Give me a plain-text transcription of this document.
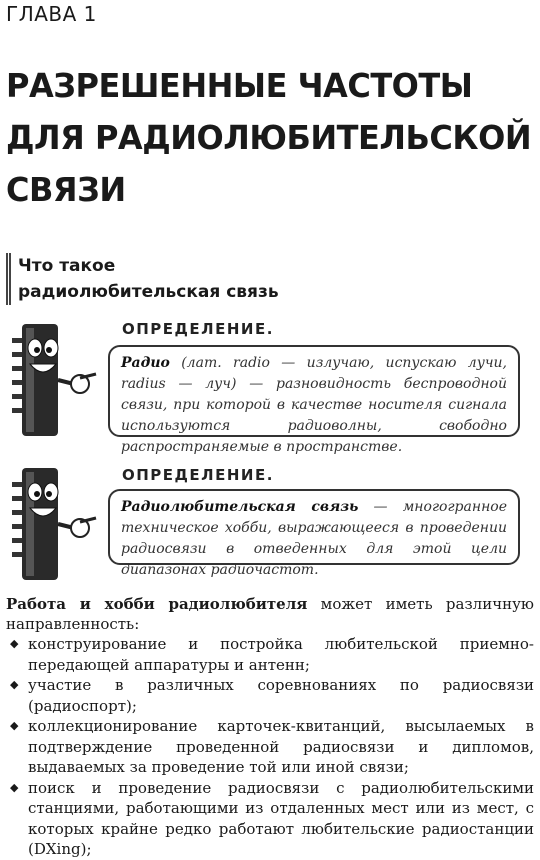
ГЛАВА 1
РАЗРЕШЕННЫЕ ЧАСТОТЫ
ДЛЯ РАДИОЛЮБИТЕЛЬСКОЙ
СВЯЗИ
Что такое
радиолюбительская связь
ОПРЕДЕЛЕНИЕ.
Радио (лат. radio — излучаю, испускаю лучи, radius — луч) — разновидность беспроводной связи, при которой в качестве носителя сигнала используются радиоволны, свободно распространяемые в пространстве.
ОПРЕДЕЛЕНИЕ.
Радиолюбительская связь — многогранное техническое хобби, выражающееся в проведении радиосвязи в отведенных для этой цели диапазонах радиочастот.

Работа и хобби радиолюбителя может иметь различную направленность:

◆ конструирование и постройка любительской приемно-передающей аппаратуры и антенн;
◆ участие в различных соревнованиях по радиосвязи (радиоспорт);
◆ коллекционирование карточек-квитанций, высылаемых в подтверждение проведенной радиосвязи и дипломов, выдаваемых за проведение той или иной связи;
◆ поиск и проведение радиосвязи с радиолюбительскими станциями, работающими из отдаленных мест или из мест, с которых крайне редко работают любительские радиостанции (DXing);
